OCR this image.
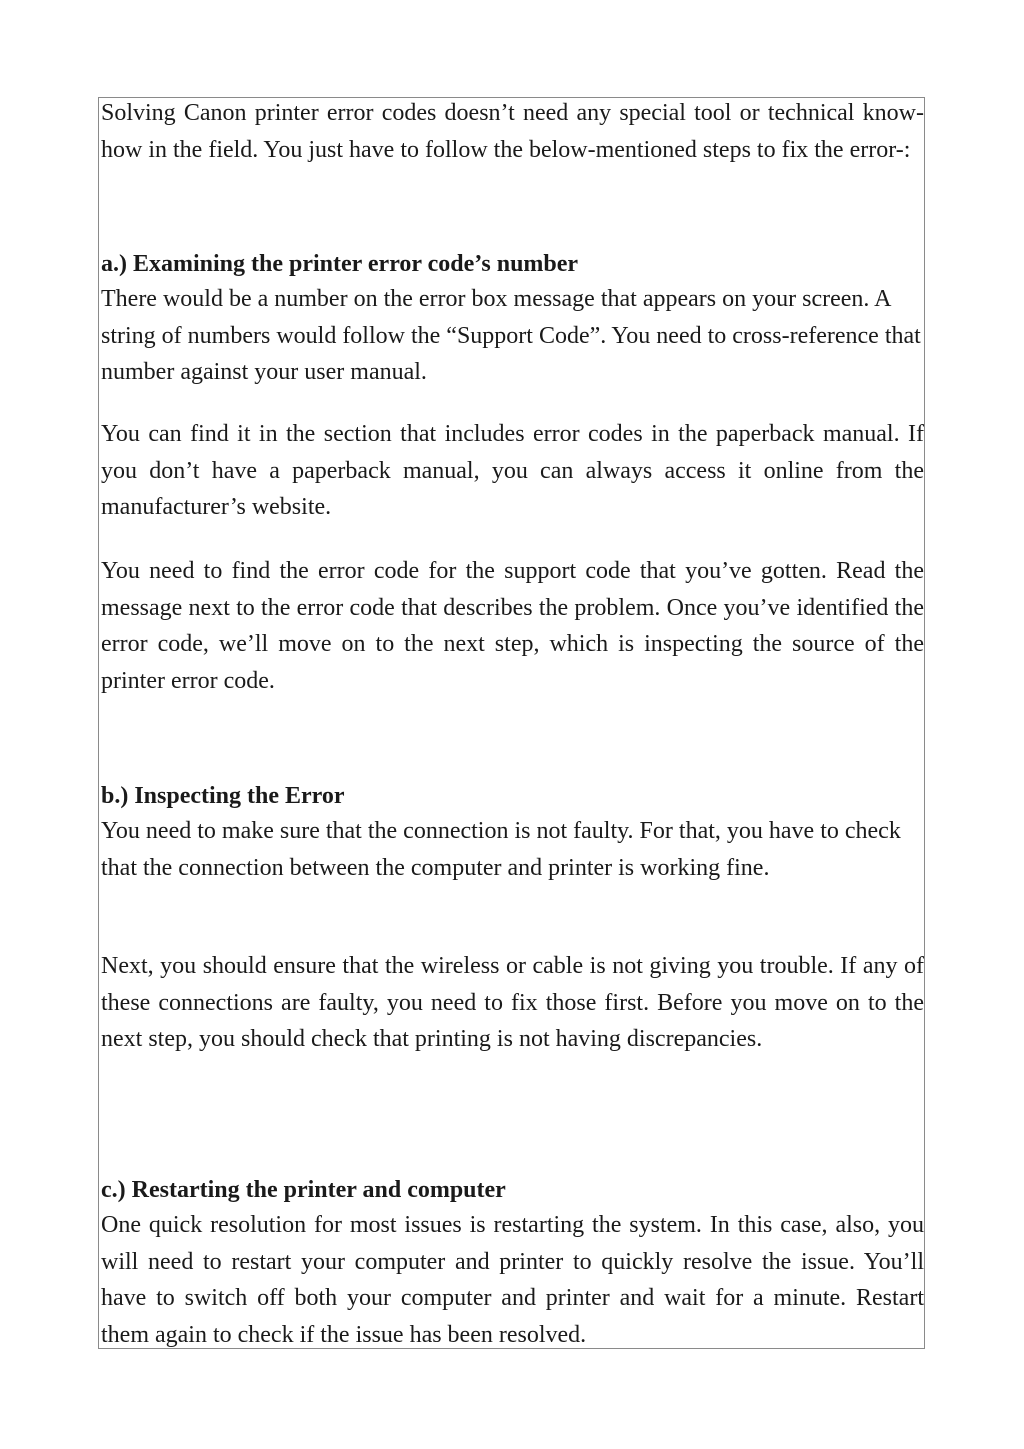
Solving Canon printer error codes doesn’t need any special tool or technical know-how in the field. You just have to follow the below-mentioned steps to fix the error-:

a.) Examining the printer error code’s number

There would be a number on the error box message that appears on your screen. A string of numbers would follow the “Support Code”. You need to cross-reference that number against your user manual.

You can find it in the section that includes error codes in the paperback manual. If you don’t have a paperback manual, you can always access it online from the manufacturer’s website.

You need to find the error code for the support code that you’ve gotten. Read the message next to the error code that describes the problem. Once you’ve identified the error code, we’ll move on to the next step, which is inspecting the source of the printer error code.

b.) Inspecting the Error

You need to make sure that the connection is not faulty. For that, you have to check that the connection between the computer and printer is working fine.

Next, you should ensure that the wireless or cable is not giving you trouble. If any of these connections are faulty, you need to fix those first. Before you move on to the next step, you should check that printing is not having discrepancies.

c.) Restarting the printer and computer

One quick resolution for most issues is restarting the system. In this case, also, you will need to restart your computer and printer to quickly resolve the issue. You’ll have to switch off both your computer and printer and wait for a minute. Restart them again to check if the issue has been resolved.
